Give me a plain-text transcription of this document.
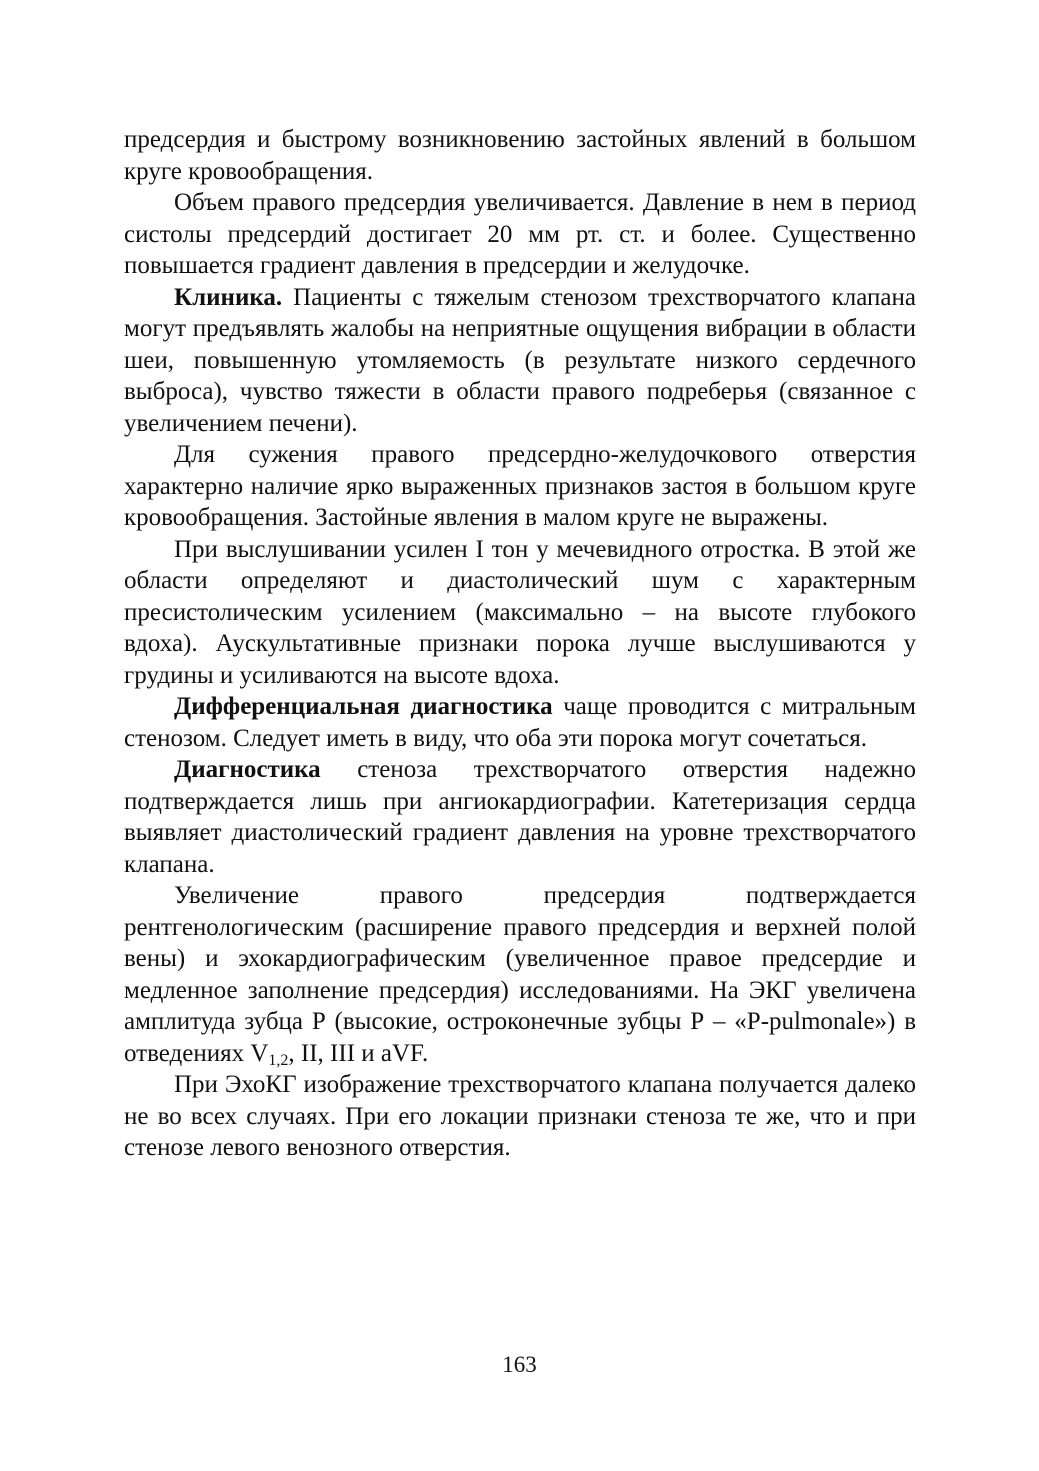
предсердия и быстрому возникновению застойных явлений в большом круге кровообращения.

Объем правого предсердия увеличивается. Давление в нем в период систолы предсердий достигает 20 мм рт. ст. и более. Существенно повышается градиент давления в предсердии и желудочке.

Клиника. Пациенты с тяжелым стенозом трехстворчатого клапана могут предъявлять жалобы на неприятные ощущения вибрации в области шеи, повышенную утомляемость (в результате низкого сердечного выброса), чувство тяжести в области правого подреберья (связанное с увеличением печени).

Для сужения правого предсердно-желудочкового отверстия характерно наличие ярко выраженных признаков застоя в большом круге кровообращения. Застойные явления в малом круге не выражены.

При выслушивании усилен I тон у мечевидного отростка. В этой же области определяют и диастолический шум с характерным пресистолическим усилением (максимально – на высоте глубокого вдоха). Аускультативные признаки порока лучше выслушиваются у грудины и усиливаются на высоте вдоха.

Дифференциальная диагностика чаще проводится с митральным стенозом. Следует иметь в виду, что оба эти порока могут сочетаться.

Диагностика стеноза трехстворчатого отверстия надежно подтверждается лишь при ангиокардиографии. Катетеризация сердца выявляет диастолический градиент давления на уровне трехстворчатого клапана.

Увеличение правого предсердия подтверждается рентгенологическим (расширение правого предсердия и верхней полой вены) и эхокардиографическим (увеличенное правое предсердие и медленное заполнение предсердия) исследованиями. На ЭКГ увеличена амплитуда зубца Р (высокие, остроконечные зубцы Р – «P-pulmonale») в отведениях $V_{1,2}$, II, III и aVF.

При ЭхоКГ изображение трехстворчатого клапана получается далеко не во всех случаях. При его локации признаки стеноза те же, что и при стенозе левого венозного отверстия.

163
